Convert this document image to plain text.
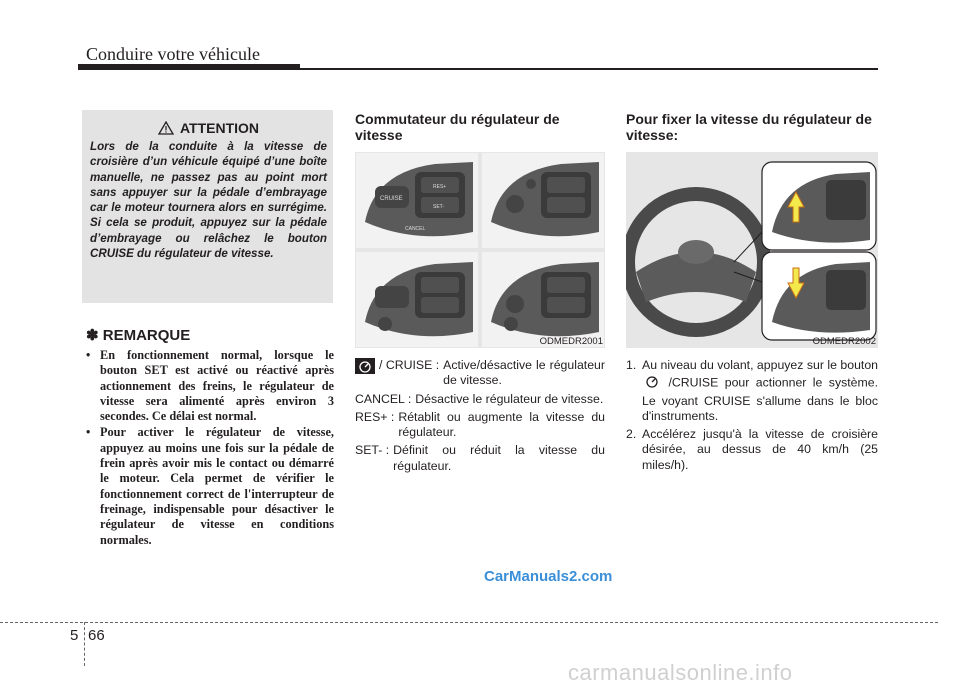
Conduire votre véhicule
ATTENTION
Lors de la conduite à la vitesse de croisière d’un véhicule équipé d’une boîte manuelle, ne passez pas au point mort sans appuyer sur la pédale d’embrayage car le moteur tournera alors en surrégime. Si cela se produit, appuyez sur la pédale d’embrayage ou relâchez le bouton CRUISE du régulateur de vitesse.
✽ REMARQUE
• En fonctionnement normal, lorsque le bouton SET est activé ou réactivé après actionnement des freins, le régulateur de vitesse sera alimenté après environ 3 secondes. Ce délai est normal.
• Pour activer le régulateur de vitesse, appuyez au moins une fois sur la pédale de frein après avoir mis le contact ou démarré le moteur. Cela permet de vérifier le fonctionnement correct de l'interrupteur de freinage, indispensable pour désactiver le régulateur de vitesse en conditions normales.
Commutateur du régulateur de vitesse
CRUISE
RES+
SET-
CANCEL
ODMEDR2001
/ CRUISE : Active/désactive le régulateur de vitesse.
CANCEL : Désactive le régulateur de vitesse.
RES+ : Rétablit ou augmente la vitesse du régulateur.
SET- : Définit ou réduit la vitesse du régulateur.
Pour fixer la vitesse du régulateur de vitesse:
ODMEDR2002
1. Au niveau du volant, appuyez sur le bouton  /CRUISE pour actionner le système. Le voyant CRUISE s'allume dans le bloc d'instruments.
2. Accélérez jusqu'à la vitesse de croisière désirée, au dessus de 40 km/h (25 miles/h).
CarManuals2.com
5 66
carmanualsonline.info
